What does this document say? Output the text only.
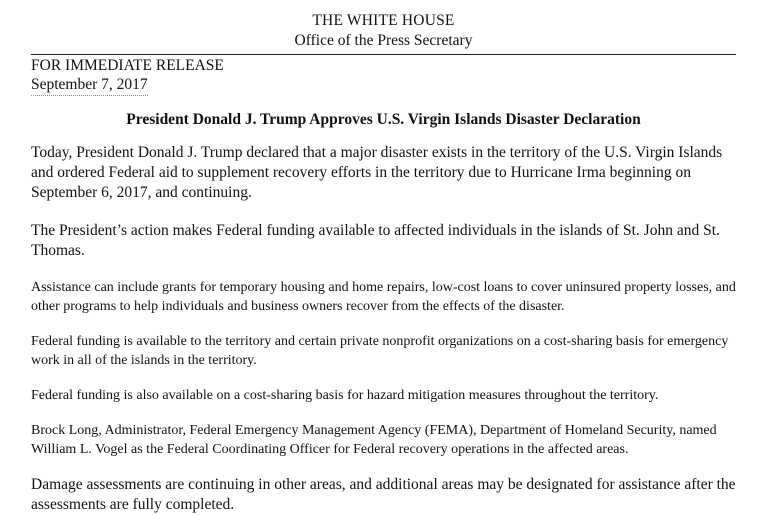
THE WHITE HOUSE
Office of the Press Secretary
FOR IMMEDIATE RELEASE
September 7, 2017
President Donald J. Trump Approves U.S. Virgin Islands Disaster Declaration

Today, President Donald J. Trump declared that a major disaster exists in the territory of the U.S. Virgin Islands and ordered Federal aid to supplement recovery efforts in the territory due to Hurricane Irma beginning on September 6, 2017, and continuing.

The President’s action makes Federal funding available to affected individuals in the islands of St. John and St. Thomas.

Assistance can include grants for temporary housing and home repairs, low-cost loans to cover uninsured property losses, and other programs to help individuals and business owners recover from the effects of the disaster.

Federal funding is available to the territory and certain private nonprofit organizations on a cost-sharing basis for emergency work in all of the islands in the territory.

Federal funding is also available on a cost-sharing basis for hazard mitigation measures throughout the territory.

Brock Long, Administrator, Federal Emergency Management Agency (FEMA), Department of Homeland Security, named William L. Vogel as the Federal Coordinating Officer for Federal recovery operations in the affected areas.

Damage assessments are continuing in other areas, and additional areas may be designated for assistance after the assessments are fully completed.
